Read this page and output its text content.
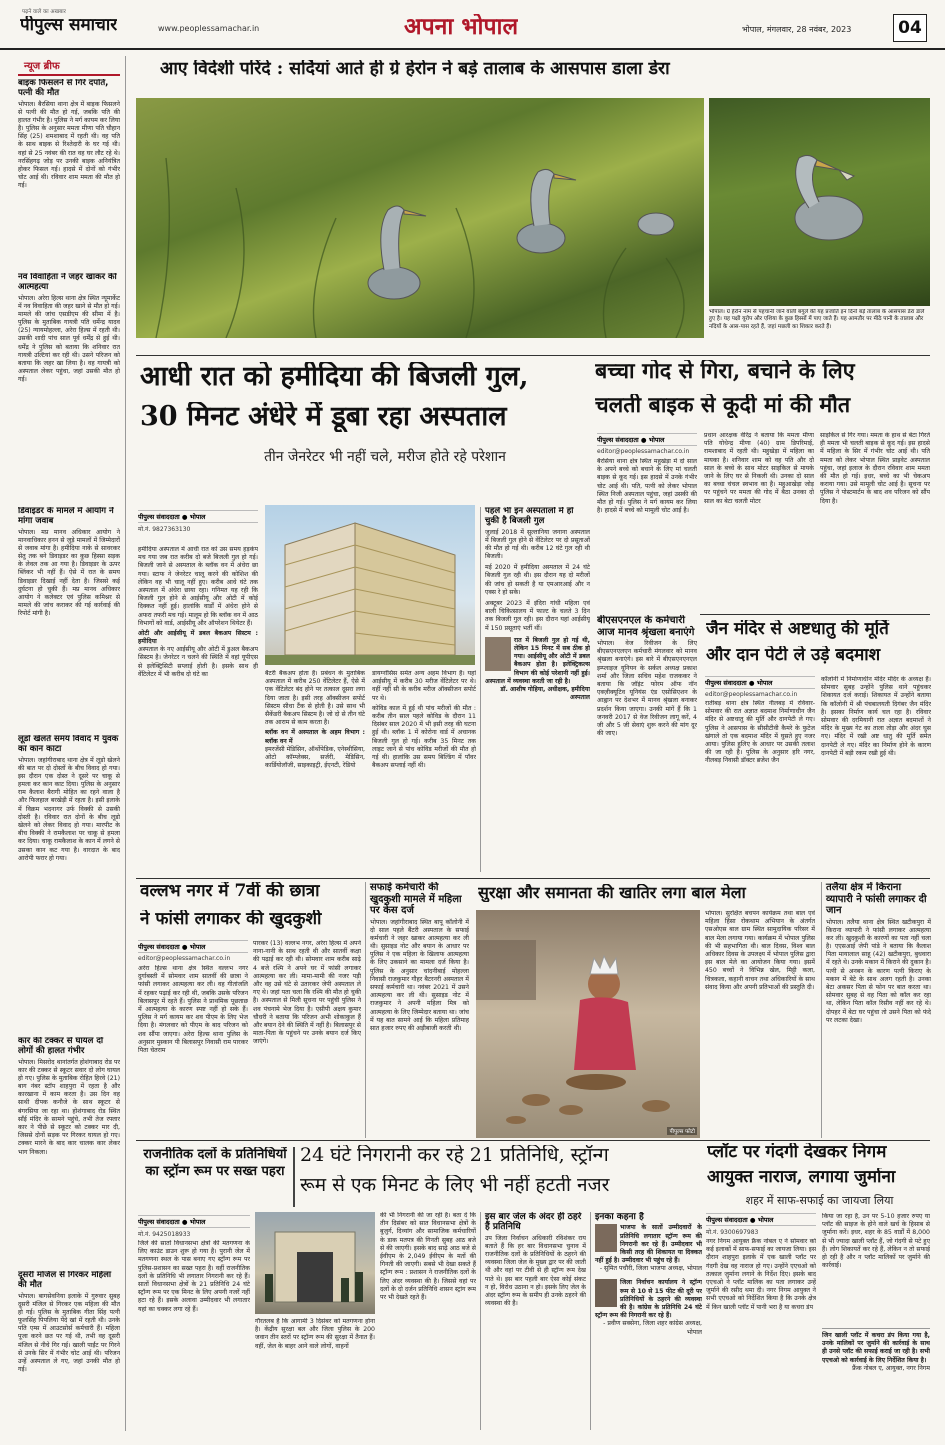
पढ़ने वाले का अखबार
पीपुल्स समाचार	www.peoplessamachar.in	अपना भोपाल	भोपाल, मंगलवार, 28 नवंबर, 2023	04
न्यूज ब्रीफ
बाइक फिसलने से गिरे दंपति, पत्नी की मौत
भोपाल। बैरसिया थाना क्षेत्र में बाइक फिसलने से पत्नी की मौत हो गई, जबकि पति की हालत गंभीर है। पुलिस ने मर्ग कायम कर लिया है। पुलिस के अनुसार ममता मीणा पति चौहान सिंह (25) शमशाबाद में रहती थी। वह पति के साथ बाइक से रिश्तेदारी के घर गई थी। वहां से 25 नवंबर की रात वह घर लौट रहे थे। नरसिंहगढ़ जोड़ पर उनकी बाइक अनियंत्रित होकर फिसल गई। हादसे में दोनों को गंभीर चोट आई थी। रविवार शाम ममता की मौत हो गई।
नव विवाहिता ने जहर खाकर की आत्महत्या
भोपाल। अरेरा हिल्स थाना क्षेत्र स्थित न्यूमार्केट में नव विवाहिता की जहर खाने से मौत हो गई। मामले की जांच एसडीएम की सीमा में है। पुलिस के मुताबिक गायत्री पति धर्मेन्द्र यादव (25) न्यायमोहल्ला, अरेरा हिल्स में रहती थी। उसकी शादी पांच साल पूर्व धर्मेंद्र से हुई थी। धर्मेंद्र ने पुलिस को बताया कि शनिवार रात गायत्री उल्टियां कर रही थी। उसने परिजन को बताया कि जहर खा लिया है। वह गायत्री को अस्पताल लेकर पहुंचा, जहां उसकी मौत हो गई।
डिवाइडर के मामले में आयोग ने मांगा जवाब
भोपाल। मप्र मानव अधिकार आयोग ने मानवाधिकार हनन से जुड़े मामलों में जिम्मेदारों से जवाब मांगा है। हमीदिया नाके से सावरकर सेतु तक बने डिवाइडर का कुछ हिस्सा सड़क के लेवल तक आ गया है। डिवाइडर के ऊपर ब्लिंकर भी नहीं हैं। ऐसे में रात के समय डिवाइडर दिखाई नहीं देता है। जिससे कई दुर्घटना हो चुकी हैं। मप्र मानव अधिकार आयोग ने कलेक्टर एवं पुलिस कमिश्नर से मामले की जांच कराकर की गई कार्रवाई की रिपोर्ट मांगी है।
लूडो खेलते समय विवाद में युवक का कान काटा
भोपाल। जहांगीराबाद थाना क्षेत्र में लूडो खेलने की बात पर दो दोस्तों के बीच विवाद हो गया। इस दौरान एक दोस्त ने दूसरे पर चाकू से हमला कर कान काट दिया। पुलिस के अनुसार राम कैलाश बैरागी मोहित का रहने वाला है और फिलहाल बरखेड़ी में रहता है। इसी इलाके में विक्रम भदनागर उर्फ विक्की से उसकी दोस्ती है। रविवार रात दोनों के बीच लूडो खेलने को लेकर विवाद हो गया। मारपीट के बीच विक्की ने रामकैलाश पर चाकू से हमला कर दिया। चाकू रामकैलाश के कान में लगने से उसका कान कट गया है। वारदात के बाद आरोपी फरार हो गया।
कार की टक्कर से घायल दो लोगों की हालत गंभीर
भोपाल। मिसरोद थानांतर्गत होशंगाबाद रोड पर कार की टक्कर से स्कूटर सवार दो लोग घायल हो गए। पुलिस के मुताबिक रोहित हिरवे (21) बाग नंबर स्टॉप शाहपुरा में रहता है और कारखाना में काम करता है। उस दिन वह साथी दीपक कनौजे के साथ स्कूटर से बंगरसिया जा रहा था। होशंगाबाद रोड स्थित साँई मंदिर के सामने पहुंचे, तभी तेज रफ्तार कार ने पीछे से स्कूटर को टक्कर मार दी, जिससे दोनों सड़क पर गिरकर घायल हो गए। टक्कर मारने के बाद कार चालक कार लेकर भाग निकला।
दूसरी मंजिल से गिरकर महिला की मौत
भोपाल। बागसेवनिया इलाके में गुरुवार सुबह दूसरी मंजिल से गिरकर एक महिला की मौत हो गई। पुलिस के मुताबिक गीता सिंह पत्नी फूलसिंह पिपलिया पेंदे खां में रहती थी। उनके पति एम्स में आउटसोर्स कर्मचारी हैं। महिला पूजा करने छत पर गई थी, तभी वह दूसरी मंजिल से नीचे गिर गई। खाली पाईंट पर गिरने से उनके सिर में गंभीर चोट आई थी। परिजन उन्हें अस्पताल ले गए, जहां उनकी मौत हो गई।
आए विदेशी परिंदे : सर्दियां आते ही ग्रे हेरोन ने बड़े तालाब के आसपास डाला डेरा
भोपाल। ग्रे हेरोन नाम से पहचानी जाने वाली बगुले की यह प्रजाति इन दिनों बड़े तालाब के आसपास डेरा डाले हुए है। यह पक्षी यूरोप और एशिया के कुछ हिस्सों में पाए जाते हैं। यह आमतौर पर मीठे पानी के तालाब और नदियों के आस-पास रहते हैं, जहां मछली का शिकार करते हैं।
आधी रात को हमीदिया की बिजली गुल,
30 मिनट अंधेरे में डूबा रहा अस्पताल
तीन जेनरेटर भी नहीं चले, मरीज होते रहे परेशान
पीपुल्स संवाददाता ● भोपाल
मो.नं. 9827363130
हमीदिया अस्पताल में आधी रात को उस समय हड़कंप मच गया जब रात करीब दो बजे बिजली गुल हो गई। बिजली जाने से अस्पताल के ब्लॉक वन में अंधेरा छा गया। स्टाफ ने जेनरेटर चालू करने की कोशिश की लेकिन वह भी चालू नहीं हुए। करीब आधे घंटे तक अस्पताल में अंधेरा छाया रहा। गनिमत यह रही कि बिजली गुल होने से आईसीयू और ओटी में कोई दिक्कत नहीं हुई। हालांकि वार्डों में अंधेरा होने से अफरा तफरी मच गई। मालूम हो कि ब्लॉक वन में आठ विभागों को वार्ड, आईसीयू और ऑपरेशन थियेटर हैं।
ओटी और आईसीयू में डबल बैकअप सिस्टम : हमीदिया
अस्पताल के नए आईसीयू और ओटी में डुअल बैकअप सिस्टम है। जेनरेटर न चलने की स्थिति में वहां यूपीएस से इलेक्ट्रिसिटी सप्लाई होती है। इसके साथ ही वेंटिलेटर में भी करीब दो घंटे का	बैटरी बैकअप होता है। प्रबंधन के मुताबिक अस्पताल में करीब 250 वेंटिलेटर हैं, ऐसे में एक वेंटिलेटर बंद होने पर तत्काल दूसरा लगा दिया जाता है। इसी तरह ऑक्सीजन सपोर्ट सिस्टम सीधा टैंक से होती है। उसे साथ भी सैकेंडरी बैकअप सिस्टम है। जो दो से तीन घंटे तक आराम से काम करता है।
ब्लॉक वन में अस्पताल के अहम विभाग : ब्लॉक वन में
इमरजेंसी मेडिसिन, ऑर्थोपेडिक, एनेस्थीसिया, ओटो कॉम्प्लेक्स, सर्जरी, मेडिसिन, कार्डियोलॉजी, साइकाइट्री, ईएनटी, रेडियो
डायग्नोसिस समेत अन्य अहम विभाग है। यहां आईसीयू में करीब 30 मरीज वेंटिलेटर पर थे। वहीं नहीं सी के करीब मरीज ऑक्सीजन सपोर्ट पर थे।
कोविड काल में हुई थी पांच मरीजों की मौत : करीब तीन साल पहले कोविड के दौरान 11 दिसंबर साल 2020 में भी इसी तरह की घटना हुई थी। ब्लॉक 1 में कोरोना वार्ड में अचानक बिजली गुल हो गई। करीब 35 मिनट तक लाइट जाने से पांच कोविड मरीजों की मौत हो गई थी। हालांकि उस समय बिल्डिंग में पॉवर बैकअप सप्लाई नहीं थी।
पहले भी इन अस्पतालों में हो चुकी है बिजली गुल
जुलाई 2018 में सुल्तानिया जनाना अस्पताल में बिजली गुल होने से वेंटिलेटर पर दो प्रसूताओं की मौत हो गई थी। करीब 12 घंटे गुल रही थी बिजली।
मई 2020 में हमीदिया अस्पताल में 24 घंटे बिजली गुल रही थी। इस दौरान यह दो मरीजों की जांच हो सकती है या एमआरआई और न एक्स रे हो सके।
अक्टूबर 2023 में इंदिरा गांधी महिला एवं बाली चिकित्सालय में फाल्ट के चलते 3 दिन तक बिजली गुल रही। इस दौरान यहां आईसीयू में 150 प्रसूताएं भर्ती थीं।
रात में बिजली गुल हो गई थी, लेकिन 15 मिनट में सब ठीक हो गया। आईसीयू और ओटी में डबल बैकअप होता है। इलेक्ट्रिकल्स विभाग की कोई परेशानी नहीं हुई। अस्पताल में व्यवस्था करती जा रही है।
डॉ. आशीष गोहिया, अधीक्षक, हमीदिया अस्पताल
बच्चा गोद से गिरा, बचाने के लिए
चलती बाइक से कूदी मां की मौत
पीपुल्स संवाददाता ● भोपाल
editor@peoplessamachar.co.in
बैरसिया थाना क्षेत्र स्थित महुखेड़ा में दो साल के अपने बच्चे को बचाने के लिए मां चलती बाइक से कूद गई। इस हादसे में उनके गंभीर चोट आई थी। पति, पत्नी को लेकर भोपाल स्थित निजी अस्पताल पहुंचा, जहां उसकी की मौत हो गई। पुलिस ने मर्ग कायम कर लिया है। हादसे में बच्चे को मामूली चोट आई है।
प्रधान आरक्षक वीरेंद्र ने बताया कि ममता मीणा पति योधेन्द्र मीणा (40) ग्राम डिपरिमाई, रामशाबाद में रहती थी। महुखेड़ा में महिला का मायका है। शनिवार शाम को वह पति और दो साल के बच्चे के साथ मोटर साइकिल से मायके जाने के लिए घर से निकली थी। उनका दो साल का बच्चा चंचल स्वभाव का है। महुआखेड़ा जोड़ पर पहुंचने पर ममता की गोद में बैठा उनका दो साल का बेटा चलती मोटर
साइकिल से गिर गया। ममता के हाथ से बेटा गिरते ही ममता भी चलती बाइक से कूद गई। इस हादसे में महिला के सिर में गंभीर चोट आई थी। पति ममता को लेकर भोपाल स्थित प्राइवेट अस्पताल पहुंचा, जहां इलाज के दौरान रविवार शाम ममता की मौत हो गई। इधर, बच्चे का भी चेकअप कराया गया। उसे मामूली चोट आई है। सूचना पर पुलिस ने पोस्टमार्टम के बाद शव परिजन को सौंप दिया है।
बीएसएनएल के कर्मचारी आज मानव श्रृंखला बनाएंगे
भोपाल। वेज रिवीजन के लिए बीएसएनएलएन कर्मचारी मंगलवार को मानव श्रृंखला बनाएंगे। इस बारे में बीएसएनएनएल इम्प्लाइज यूनियन के सर्कल अध्यक्ष प्रकाश शर्मा और जिला सचिव महेश राजककर ने बताया कि जॉइंट फोरम ऑफ नॉन एक्ज़ीक्यूटिव यूनियंस एंड एसोसिएशन के आह्वान पर देशभर में मानव श्रृंखला बनाकर प्रदर्शन किया जाएगा। उनकी मांगें हैं कि 1 जनवरी 2017 से वेज रिवीजन लागू करें, 4 जी और 5 जी सेवाएं शुरू करने की मांग दूर की जाए।
जैन मंदिर से अष्टधातु की मूर्ति
और दान पेटी ले उड़े बदमाश
पीपुल्स संवाददाता ● भोपाल
editor@peoplessamachar.co.in
रातीबड़ थाना क्षेत्र स्थित नीलबड़ में रविवार-सोमवार की रात अज्ञात बदमाश निर्माणाधीन जैन मंदिर से अष्टधातु की मूर्ति और दानपेटी ले गए। पुलिस ने आसपास के सीसीटीवी कैमरे के फुटेज खंगाले तो एक बदमाश मंदिर में घुसते हुए नजर आया। पुलिस हुलिए के आधार पर उसकी तलाश की जा रही है। पुलिस के अनुसार हरि नगर, नीलबड़ निवासी डॉक्टर ब्रजेश जैन
कॉलोनी में निर्माणाधीन मंदिर मंदिर के अध्यक्ष हैं। सोमवार सुबह उन्होंने पुलिस थाने पहुंचकर शिकायत दर्ज कराई। शिकायत में उन्होंने बताया कि कॉलोनी में श्री पंचबालयती दिगंबर जैन मंदिर है। इसका निर्माण कार्य चल रहा है। रविवार सोमवार की दरमियानी रात अज्ञात बदमाशों ने मंदिर के मुख्य गेट का ताला तोड़ा और अंदर घुस गए। मंदिर में रखी अष्ट धातु की मूर्ति समेत दानपेटी ले गए। मंदिर का निर्माण होने के कारण दानपेटी में बड़ी रकम रखी हुई थी।
वल्लभ नगर में 7वीं की छात्रा
ने फांसी लगाकर की खुदकुशी
पीपुल्स संवाददाता ● भोपाल
editor@peoplessamachar.co.in
अरेरा हिल्स थाना क्षेत्र स्थित वल्लभ नगर दुर्गाबस्ती में सोमवार शाम सातवीं की छात्रा ने फांसी लगाकर आत्महत्या कर ली। वह गीतांजलि में रहकर पढ़ाई कर रही थी, जबकि उसके परिजन बिलासपुर में रहते हैं। पुलिस ने प्राथमिक पूछताछ में आत्महत्या के कारण स्पष्ट नहीं हो सके हैं। पुलिस ने मर्ग कायम कर शव पीएम के लिए भेज दिया है। मंगलवार को पीएम के बाद परिजन को शव सौंपा जाएगा। अरेरा हिल्स थाना पुलिस के अनुसार मुस्कान पी बिलासपुर निवासी राम पारकर पिता चेतराम
पारकर (13) वल्लभ नगर, अरेरा हिल्स में अपने नाना-नानी के साथ रहती थी और सातवीं कक्षा की पढ़ाई कर रही थी। सोमवार शाम करीब साढ़े 4 बजे रश्मि ने अपने घर में फांसी लगाकर आत्महत्या कर ली। मामा-मामी की नजर पड़ी और वह उसे घंटे से उतारकर जेपी अस्पताल ले गए थे। जहां पता चला कि रश्मि की मौत हो चुकी है। अस्पताल से मिली सूचना पर पहुंची पुलिस ने शव पंचनामे भेज दिया है। एसीपी अक्षय कुमार चौधरी ने बताया कि परिजन अभी शोकाकुल हैं और बयान देने की स्थिति में नहीं है। बिलासपुर से माता-पिता के पहुंचने पर उनके बयान दर्ज किए जाएंगे।
सफाई कर्मचारी की खुदकुशी मामले में महिला पर केस दर्ज
भोपाल। जहांगीराबाद स्थित बापू कॉलोनी में दो साल पहले बैंटरी अस्पताल के सफाई कर्मचारी ने जहर खाकर आत्महत्या कर ली थी। सुसाइड नोट और बयान के आधार पर पुलिस ने एक महिला के खिलाफ आत्महत्या के लिए उकसाने का मामला दर्ज किया है। पुलिस के अनुसार चांदनीबाई मोहल्ला निवासी राजकुमार गौहर बैटरनरी अस्पताल में सफाई कर्मचारी था। नवंबर 2021 में उसने आत्महत्या कर ली थी। सुसाइड नोट में राजकुमार ने अपनी महिला मित्र को आत्महत्या के लिए जिम्मेदार बताया था। जांच में यह बात सामने आई कि महिला प्रतिमाह सात हजार रुपए की अड़ीबाजी करती थी।
सुरक्षा और समानता की खातिर लगा बाल मेला
पीपुल्स फोटो
भोपाल। सुरक्षित बचपन कार्यक्रम तथा बाल एवं महिला हिंसा रोकथाम अभियान के अंतर्गत एसओएस बाल ग्राम स्थित सामुदायिक परिसर में बाल मेला लगाया गया। कार्यक्रम में भोपाल पुलिस की भी सहभागिता थी। बाल दिवस, विश्व बाल अधिकार दिवस के उपलक्ष्य में भोपाल पुलिस द्वारा इस बाल मेले का आयोजन किया गया। इसमें 450 बच्चों ने विभिन्न खेल, मिट्टी कला, चित्रकला, कहानी वाचन तथा अधिकारियों के साथ संवाद किया और अपनी प्रतिभाओं की प्रस्तुति दी।
तलैया क्षेत्र में किराना व्यापारी ने फांसी लगाकर दी जान
भोपाल। तलैया थाना क्षेत्र स्थित खटीकपुरा में किराना व्यापारी ने फांसी लगाकर आत्महत्या कर ली। खुदकुशी के कारणों का पता नहीं चला है। एएसआई जेपी पांडे ने बताया कि कैलाश पिता मायालाल साहू (42) खटीकपुरा, बुधवारा में रहते थे। उनके मकान में किराने की दुकान है। पत्नी से अनबन के कारण पत्नी किराए के मकान में बेटे के साथ अलग रहती है। उनका बेटा अकसर पिता से फोन पर बात करता था। सोमवार सुबह से वह पिता को कॉल कर रहा था, लेकिन पिता कॉल रिसीव नहीं कर रहे थे। दोपहर में बेटा घर पहुंचा तो उसने पिता को फंदे पर लटका देखा।
राजनीतिक दलों के प्रतिनिधियों का स्ट्रॉन्ग रूम पर सख्त पहरा
24 घंटे निगरानी कर रहे 21 प्रतिनिधि, स्ट्रॉन्ग
रूम से एक मिनट के लिए भी नहीं हटती नजर
पीपुल्स संवाददाता ● भोपाल
मो.नं. 9425018933
जिले की सातों विधानसभा क्षेत्रों की मतगणना के लिए काउंट डाउन शुरू हो गया है। पुरानी जेल में मतगणना स्थल के पास बनाए गए स्ट्रॉन्ग रूम पर पुलिस-प्रशासन का सख्त पहरा है। वहीं राजनीतिक दलों के प्रतिनिधि भी लगातार निगरानी कर रहे हैं। सातों विधानसभा क्षेत्रों के 21 प्रतिनिधि 24 घंटे स्ट्रॉन्ग रूम पर एक मिनट के लिए अपनी नजरें नहीं हटा रहे हैं। इसके अलावा उम्मीदवार भी लगातार यहां का चक्कर लगा रहे हैं।
गौरतलब है कि आगामी 3 दिसंबर को मतगणना होना है। केंद्रीय सुरक्षा बल और जिला पुलिस के 200 जवान तीन स्तरों पर स्ट्रॉन्ग रूम की सुरक्षा में तैनात हैं। वहीं, जेल के बाहर आने वाले लोगों, वाहनों
की भी निगरानी की जा रही है। बता दें कि तीन दिसंबर को सात विधानसभा क्षेत्रों के बुजुर्ग, दिव्यांग और सामाजिक कर्मचारियों के डाक मतपत्र की गिनती सुबह आठ बजे से की जाएगी। इसके बाद साढ़े आठ बजे से ईवीएम के 2,049 ईवीएम के मतों की गिनती की जाएगी। सबसे भी देखा सकते हैं स्ट्रॉन्ग रूम : प्रशासन ने राजनीतिक दलों के लिए अंदर व्यवस्था की है। जिससे वहां पर दलों के दो दर्जन प्रतिनिधि शासन स्ट्रांग रूम पर भी देखते रहते हैं।
इस बार जेल के अंदर ही ठहरे हैं प्रतिनिधि
उप जिला निर्वाचन अधिकारी रविशंकर राय बताते हैं कि हर बार विधानसभा चुनाव में राजनीतिक दलों के प्रतिनिधियों के ठहरने की व्यवस्था जिला जेल के मुख्य द्वार पर की जाती थी और वहां पर टीवी से ही स्ट्रॉन्ग रूम देख पाते थे। इस बार पहली बार ऐसा कोई संकट न हो, विरोध उठाना न हो। इसके लिए जेल के अंदर स्ट्रॉन्ग रूम के समीप ही उनके ठहरने की व्यवस्था की है।
इनका कहना है
भाजपा के सातों उम्मीदवारों के प्रतिनिधि लगातार स्ट्रॉन्ग रूम की निगरानी कर रहे हैं। उम्मीदवार भी किसी तरह की शिकायत या दिक्कत नहीं हुई है। उम्मीदवार भी पहुंच रहे हैं।
- सुमित पचौरी, जिला भाजपा अध्यक्ष, भोपाल
जिला निर्वाचन कार्यालय ने स्ट्रॉन्ग रूम से 10 से 15 फीट की दूरी पर प्रतिनिधियों के ठहरने की व्यवस्था की है। कांग्रेस के प्रतिनिधि 24 घंटे स्ट्रॉन्ग रूम की निगरानी कर रहे हैं।
- प्रवीण सक्सेना, जिला शहर कांग्रेस अध्यक्ष, भोपाल
प्लॉट पर गंदगी देखकर निगम
आयुक्त नाराज, लगाया जुर्माना
शहर में साफ-सफाई का जायजा लिया
पीपुल्स संवाददाता ● भोपाल
मो.नं. 9300697983
नगर निगम आयुक्त फ्रैंक नोबल ए ने सोमवार को कई इलाकों में साफ-सफाई का जायजा लिया। इस दौरान शाहपुरा इलाके में एक खाली प्लॉट पर गंदगी देख वह नाराज हो गए। उन्होंने एएचओ को तत्काल जुर्माना लगाने के निर्देश दिए। इसके बाद एएचओ ने प्लॉट मालिक का पता लगाकर उन्हें जुर्माने की रसीद थमा दी। नगर निगम आयुक्त ने सभी एएचओ को निर्देशित किया है कि उनके क्षेत्र में किन खाली प्लॉट में पानी भरा है या कचरा डंप
किया जा रहा है, उन पर 5-10 हजार रुपए या प्लॉट की साइज के होने वाले खर्च के हिसाब से जुर्माना करें। इधर, शहर के 85 वार्डों में 8,000 से भी ज्यादा खाली प्लॉट हैं, जो गंदगी से पटे हुए हैं। लोग शिकायतें कर रहे हैं, लेकिन न तो सफाई हो रही है और न प्लॉट मालिकों पर जुर्माने की कार्रवाई।
जिन खाली प्लॉट में कचरा डंप किया गया है, उनके मालिकों पर जुर्माने की कार्रवाई के साथ ही उनसे प्लॉट की सफाई कराई जा रही है। सभी एएचओ को कार्रवाई के लिए निर्देशित किया है।
फ्रैंक नोबल ए, आयुक्त, नगर निगम
